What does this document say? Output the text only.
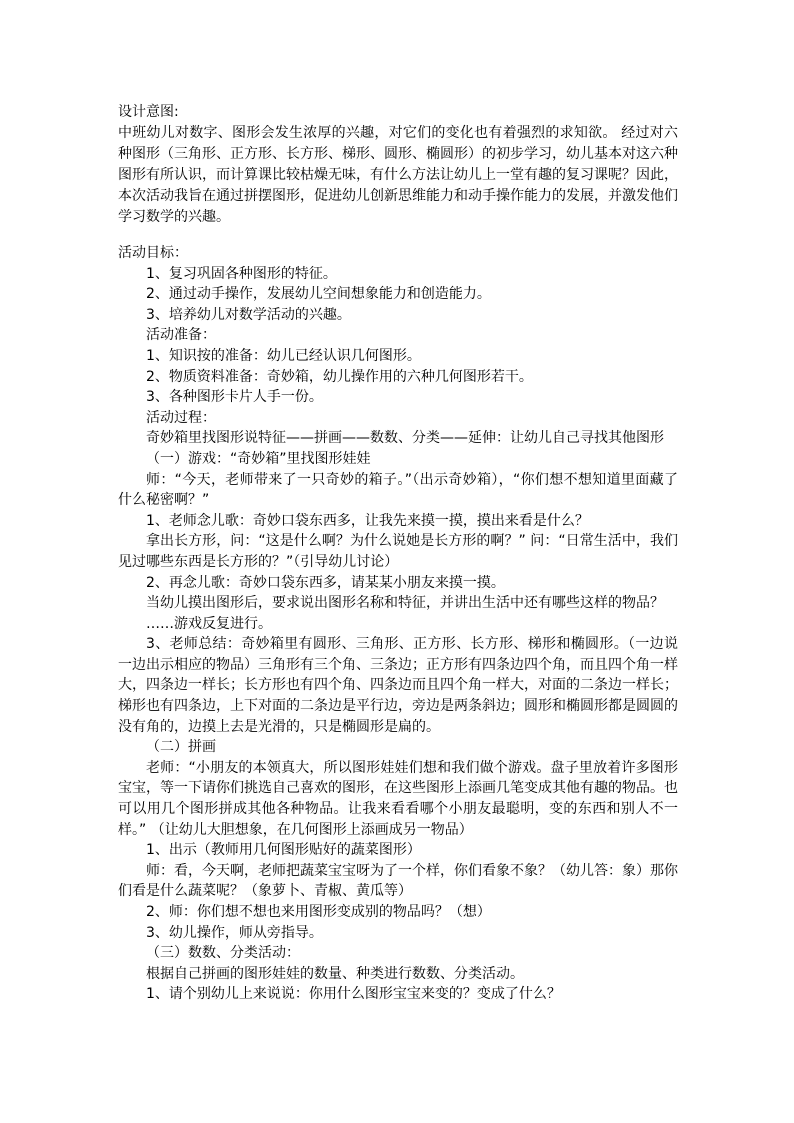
设计意图:

中班幼儿对数字、图形会发生浓厚的兴趣，对它们的变化也有着强烈的求知欲。 经过对六种图形（三角形、正方形、长方形、梯形、圆形、椭圆形）的初步学习，幼儿基本对这六种图形有所认识，而计算课比较枯燥无味，有什么方法让幼儿上一堂有趣的复习课呢？因此，本次活动我旨在通过拼摆图形，促进幼儿创新思维能力和动手操作能力的发展，并激发他们学习数学的兴趣。

活动目标：

1、复习巩固各种图形的特征。

2、通过动手操作，发展幼儿空间想象能力和创造能力。

3、培养幼儿对数学活动的兴趣。

活动准备：

1、知识按的准备：幼儿已经认识几何图形。

2、物质资料准备：奇妙箱，幼儿操作用的六种几何图形若干。

3、各种图形卡片人手一份。

活动过程：

奇妙箱里找图形说特征——拼画——数数、分类——延伸：让幼儿自己寻找其他图形

（一）游戏：“奇妙箱”里找图形娃娃

师：“今天，老师带来了一只奇妙的箱子。”（出示奇妙箱），“你们想不想知道里面藏了什么秘密啊？”

1、老师念儿歌：奇妙口袋东西多，让我先来摸一摸，摸出来看是什么？

拿出长方形，问：“这是什么啊？为什么说她是长方形的啊？” 问：“日常生活中，我们见过哪些东西是长方形的？”（引导幼儿讨论）

2、再念儿歌：奇妙口袋东西多，请某某小朋友来摸一摸。

当幼儿摸出图形后，要求说出图形名称和特征，并讲出生活中还有哪些这样的物品？

……游戏反复进行。

3、老师总结：奇妙箱里有圆形、三角形、正方形、长方形、梯形和椭圆形。（一边说一边出示相应的物品）三角形有三个角、三条边；正方形有四条边四个角，而且四个角一样大，四条边一样长；长方形也有四个角、四条边而且四个角一样大，对面的二条边一样长；梯形也有四条边，上下对面的二条边是平行边，旁边是两条斜边；圆形和椭圆形都是圆圆的没有角的，边摸上去是光滑的，只是椭圆形是扁的。

（二）拼画

老师：“小朋友的本领真大，所以图形娃娃们想和我们做个游戏。盘子里放着许多图形宝宝，等一下请你们挑选自己喜欢的图形，在这些图形上添画几笔变成其他有趣的物品。也可以用几个图形拼成其他各种物品。让我来看看哪个小朋友最聪明，变的东西和别人不一样。” （让幼儿大胆想象，在几何图形上添画成另一物品）

1、出示（教师用几何图形贴好的蔬菜图形）

师：看，今天啊，老师把蔬菜宝宝呀为了一个样，你们看象不象？（幼儿答：象）那你们看是什么蔬菜呢？（象萝卜、青椒、黄瓜等）

2、师：你们想不想也来用图形变成别的物品吗？（想）

3、幼儿操作，师从旁指导。

（三）数数、分类活动：

根据自己拼画的图形娃娃的数量、种类进行数数、分类活动。

1、请个别幼儿上来说说：你用什么图形宝宝来变的？变成了什么？
